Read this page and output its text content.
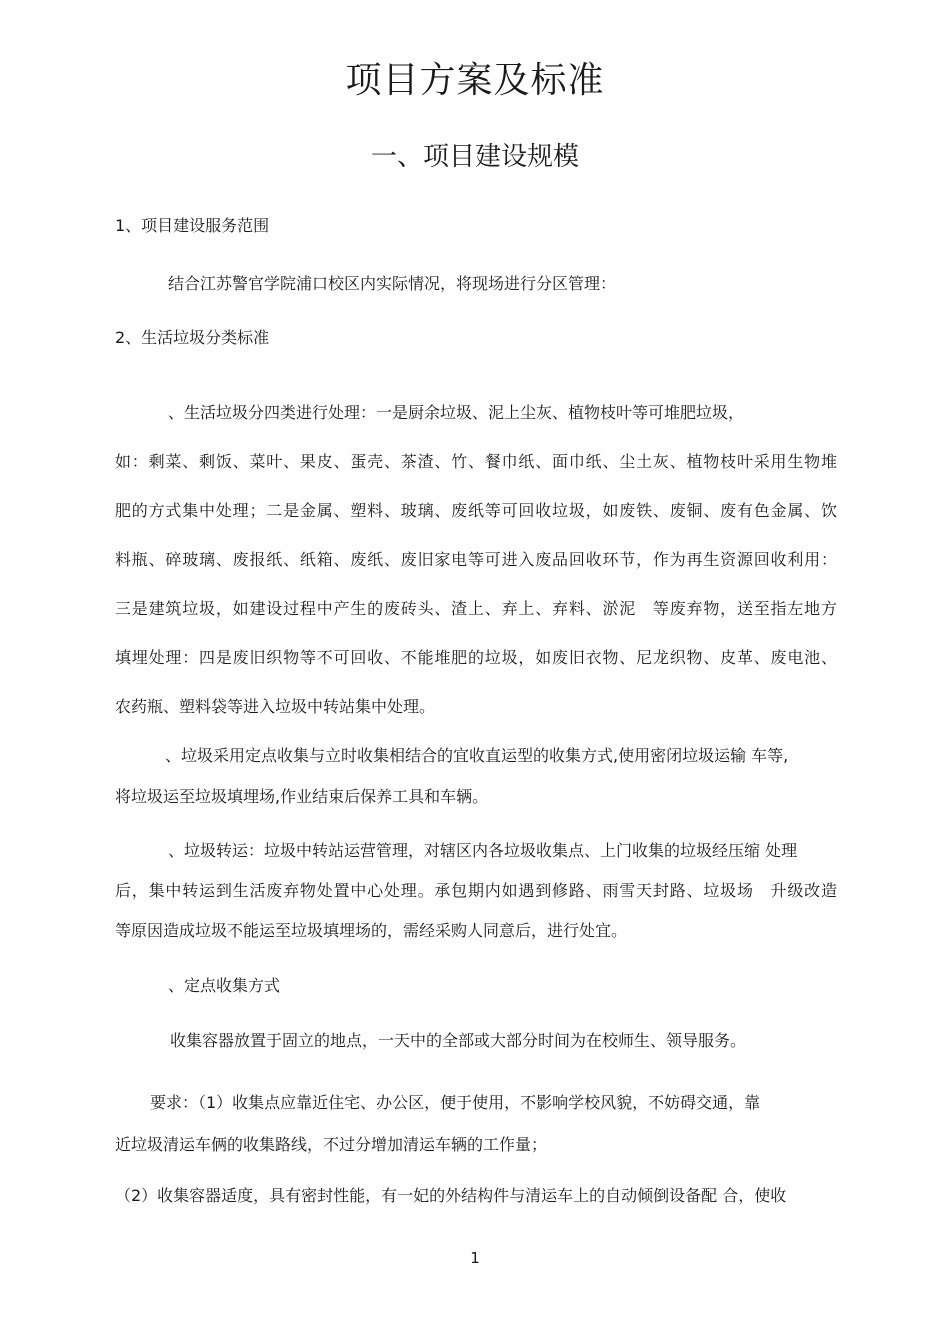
项目方案及标准
一、项目建设规模
1、项目建设服务范围
结合江苏警官学院浦口校区内实际情况，将现场进行分区管理：
2、生活垃圾分类标准
、生活垃圾分四类进行处理：一是厨余垃圾、泥上尘灰、植物枝叶等可堆肥垃圾，
如：剩菜、剩饭、菜叶、果皮、蛋壳、茶渣、竹、餐巾纸、面巾纸、尘土灰、植物枝叶采用生物堆
肥的方式集中处理；二是金属、塑料、玻璃、废纸等可回收垃圾，如废铁、废铜、废有色金属、饮
料瓶、碎玻璃、废报纸、纸箱、废纸、废旧家电等可进入废品回收环节，作为再生资源回收利用：
三是建筑垃圾，如建设过程中产生的废砖头、渣上、弃上、弃料、淤泥　等废弃物，送至指左地方
填埋处理：四是废旧织物等不可回收、不能堆肥的垃圾，如废旧衣物、尼龙织物、皮革、废电池、
农药瓶、塑料袋等进入垃圾中转站集中处理。
、垃圾采用定点收集与立时收集相结合的宜收直运型的收集方式,使用密闭垃圾运输 车等,
将垃圾运至垃圾填埋场,作业结束后保养工具和车辆。
、垃圾转运：垃圾中转站运营管理，对辖区内各垃圾收集点、上门收集的垃圾经压缩 处理
后，集中转运到生活废弃物处置中心处理。承包期内如遇到修路、雨雪天封路、垃圾场　升级改造
等原因造成垃圾不能运至垃圾填埋场的，需经采购人同意后，进行处宜。
、定点收集方式
收集容器放置于固立的地点，一天中的全部或大部分时间为在校师生、领导服务。
要求：（1）收集点应靠近住宅、办公区，便于使用，不影响学校风貌，不妨碍交通，靠
近垃圾清运车俩的收集路线，不过分增加清运车辆的工作量；
（2）收集容器适度，具有密封性能，有一妃的外结构件与清运车上的自动倾倒设备配 合，使收
1
